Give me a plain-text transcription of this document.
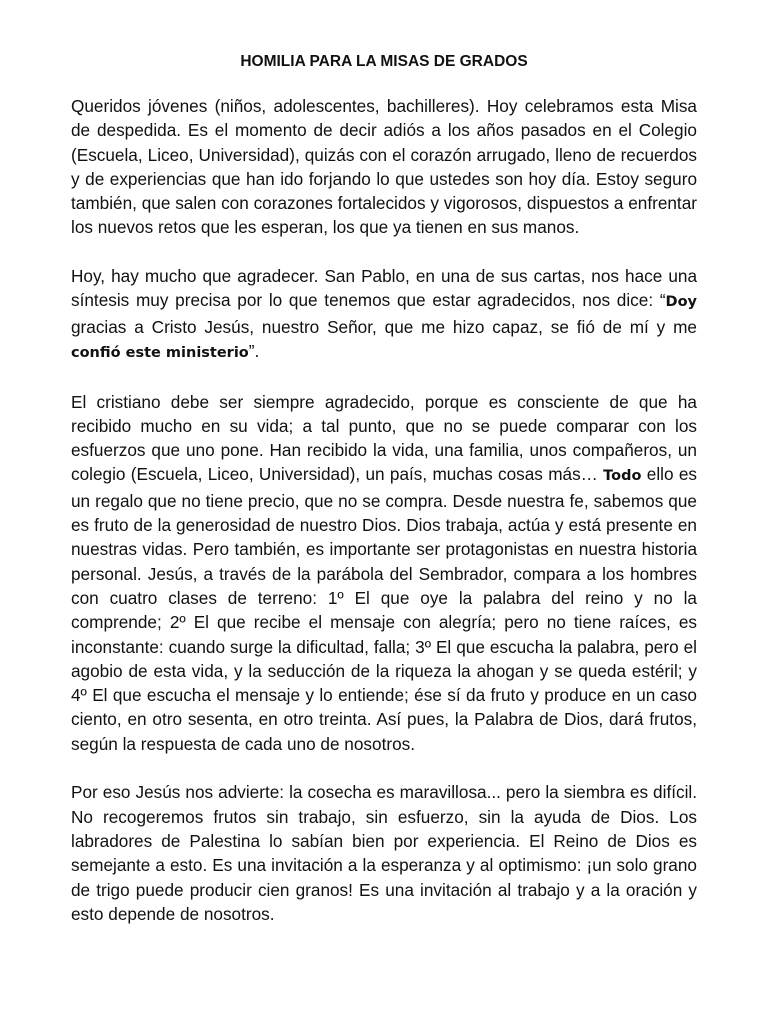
HOMILIA PARA LA MISAS DE GRADOS

Queridos jóvenes (niños, adolescentes, bachilleres). Hoy celebramos esta Misa de despedida. Es el momento de decir adiós a los años pasados en el Colegio (Escuela, Liceo, Universidad), quizás con el corazón arrugado, lleno de recuerdos y de experiencias que han ido forjando lo que ustedes son hoy día. Estoy seguro también, que salen con corazones fortalecidos y vigorosos, dispuestos a enfrentar los nuevos retos que les esperan, los que ya tienen en sus manos.

Hoy, hay mucho que agradecer. San Pablo, en una de sus cartas, nos hace una síntesis muy precisa por lo que tenemos que estar agradecidos, nos dice: “Doy gracias a Cristo Jesús, nuestro Señor, que me hizo capaz, se fió de mí y me confió este ministerio”.

El cristiano debe ser siempre agradecido, porque es consciente de que ha recibido mucho en su vida; a tal punto, que no se puede comparar con los esfuerzos que uno pone. Han recibido la vida, una familia, unos compañeros, un colegio (Escuela, Liceo, Universidad), un país, muchas cosas más… Todo ello es un regalo que no tiene precio, que no se compra. Desde nuestra fe, sabemos que es fruto de la generosidad de nuestro Dios. Dios trabaja, actúa y está presente en nuestras vidas. Pero también, es importante ser protagonistas en nuestra historia personal. Jesús, a través de la parábola del Sembrador, compara a los hombres con cuatro clases de terreno: 1º El que oye la palabra del reino y no la comprende; 2º El que recibe el mensaje con alegría; pero no tiene raíces, es inconstante: cuando surge la dificultad, falla; 3º El que escucha la palabra, pero el agobio de esta vida, y la seducción de la riqueza la ahogan y se queda estéril; y 4º El que escucha el mensaje y lo entiende; ése sí da fruto y produce en un caso ciento, en otro sesenta, en otro treinta. Así pues, la Palabra de Dios, dará frutos, según la respuesta de cada uno de nosotros.

Por eso Jesús nos advierte: la cosecha es maravillosa... pero la siembra es difícil. No recogeremos frutos sin trabajo, sin esfuerzo, sin la ayuda de Dios. Los labradores de Palestina lo sabían bien por experiencia. El Reino de Dios es semejante a esto. Es una invitación a la esperanza y al optimismo: ¡un solo grano de trigo puede producir cien granos! Es una invitación al trabajo y a la oración y esto depende de nosotros.
